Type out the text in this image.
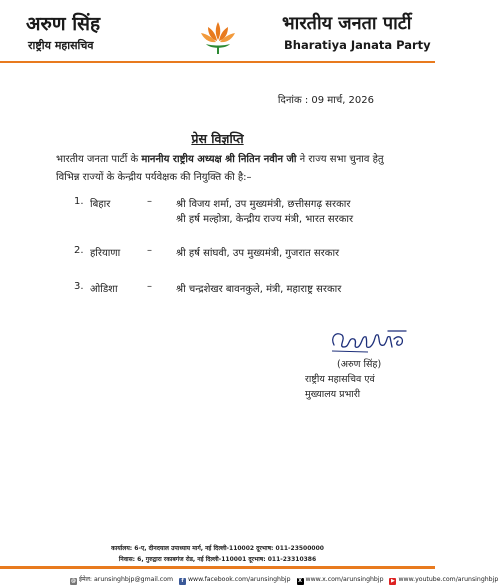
अरुण सिंह
राष्ट्रीय महासचिव
भारतीय जनता पार्टी
Bharatiya Janata Party
दिनांक : 09 मार्च, 2026
प्रेस विज्ञप्ति
भारतीय जनता पार्टी के माननीय राष्ट्रीय अध्यक्ष श्री नितिन नवीन जी ने राज्य सभा चुनाव हेतु विभिन्न राज्यों के केन्द्रीय पर्यवेक्षक की नियुक्ति की है:–
1. बिहार	– श्री विजय शर्मा, उप मुख्यमंत्री, छत्तीसगढ़ सरकार
श्री हर्ष मल्होत्रा, केन्द्रीय राज्य मंत्री, भारत सरकार
2. हरियाणा	– श्री हर्ष सांघवी, उप मुख्यमंत्री, गुजरात सरकार
3. ओडिशा	– श्री चन्द्रशेखर बावनकुले, मंत्री, महाराष्ट्र सरकार
(अरुण सिंह)
राष्ट्रीय महासचिव एवं
मुख्यालय प्रभारी
कार्यालय: 6-ए, दीनदयाल उपाध्याय मार्ग, नई दिल्ली-110002 दूरभाष: 011-23500000
निवास: 6, गुरुद्वारा रकाबगंज रोड, नई दिल्ली-110001 दूरभाष: 011-23310386
@ ईमेल: arunsinghbjp@gmail.com f www.facebook.com/arunsinghbjp X www.x.com/arunsinghbjp ▶ www.youtube.com/arunsinghbjp
